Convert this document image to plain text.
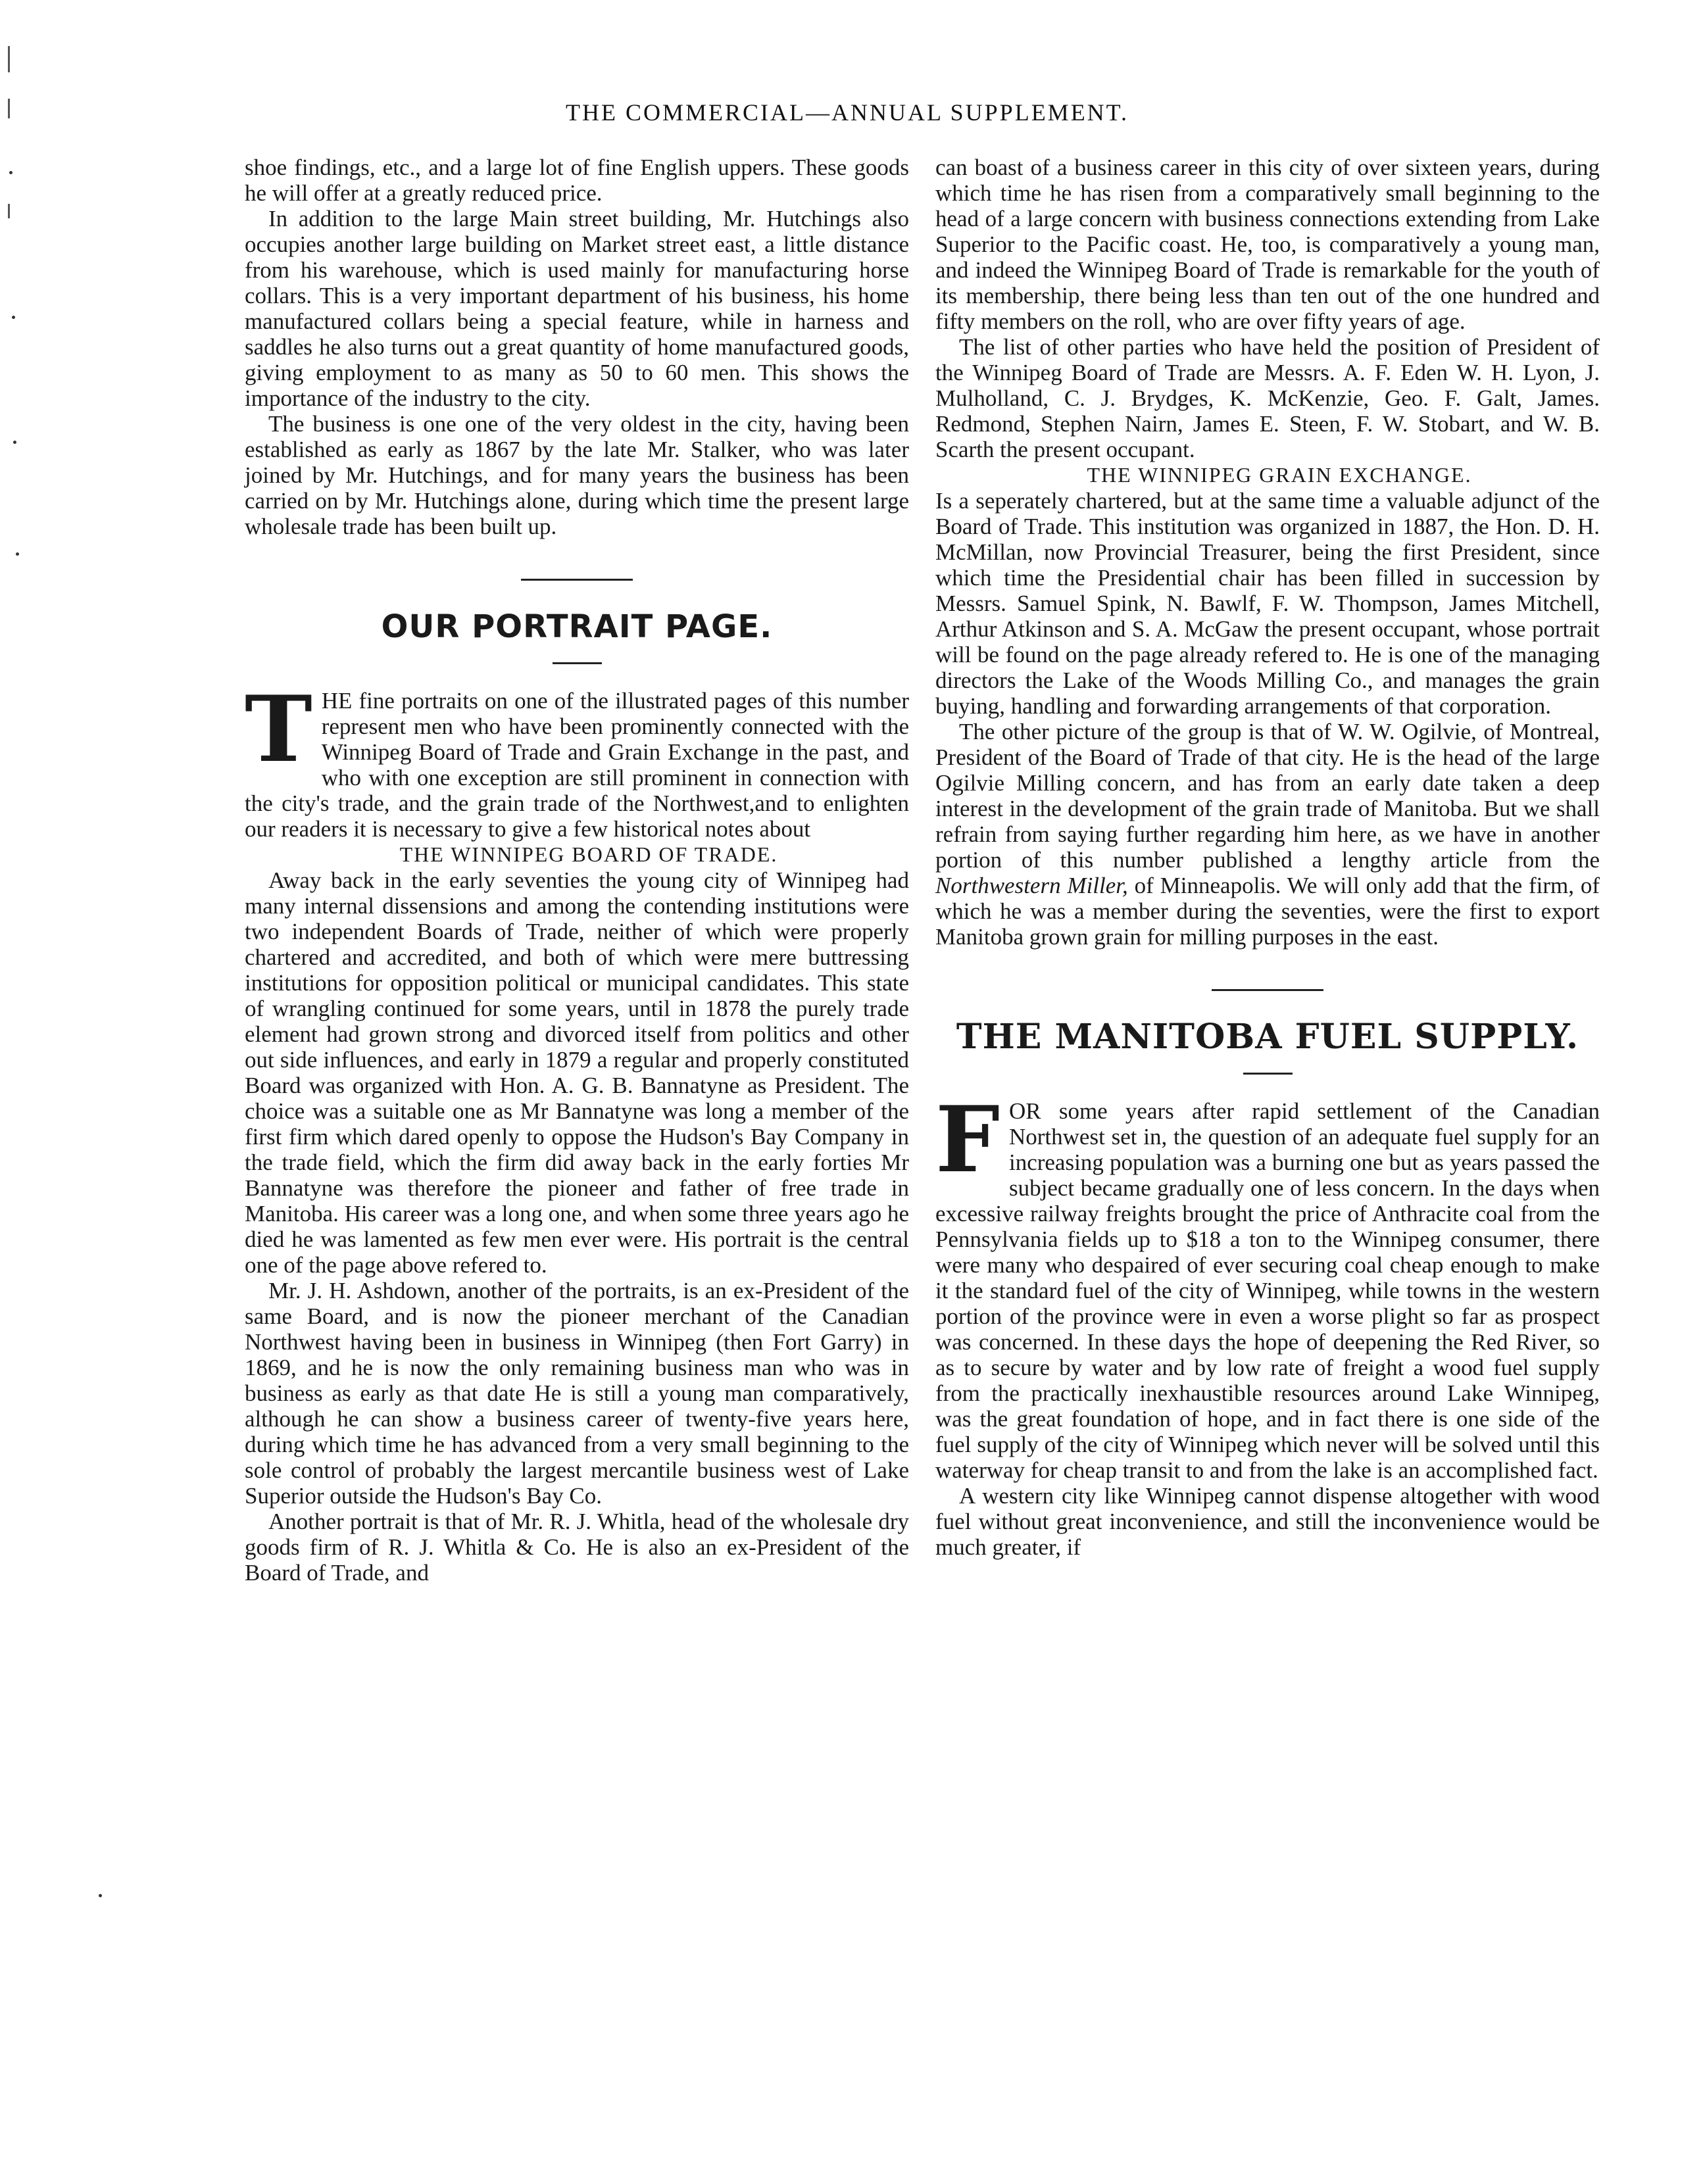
THE COMMERCIAL—ANNUAL SUPPLEMENT.

shoe findings, etc., and a large lot of fine English uppers. These goods he will offer at a greatly reduced price.

In addition to the large Main street building, Mr. Hutchings also occupies another large building on Market street east, a little distance from his warehouse, which is used mainly for manufacturing horse collars. This is a very important department of his business, his home manufactured collars being a special feature, while in harness and saddles he also turns out a great quantity of home manufactured goods, giving employment to as many as 50 to 60 men. This shows the importance of the industry to the city.

The business is one one of the very oldest in the city, having been established as early as 1867 by the late Mr. Stalker, who was later joined by Mr. Hutchings, and for many years the business has been carried on by Mr. Hutchings alone, during which time the present large wholesale trade has been built up.

OUR PORTRAIT PAGE.

THE fine portraits on one of the illustrated pages of this number represent men who have been prominently connected with the Winnipeg Board of Trade and Grain Exchange in the past, and who with one exception are still prominent in connection with the city's trade, and the grain trade of the Northwest,and to enlighten our readers it is necessary to give a few historical notes about

THE WINNIPEG BOARD OF TRADE.

Away back in the early seventies the young city of Winnipeg had many internal dissensions and among the contending institutions were two independent Boards of Trade, neither of which were properly chartered and accredited, and both of which were mere buttressing institutions for opposition political or municipal candidates. This state of wrangling continued for some years, until in 1878 the purely trade element had grown strong and divorced itself from politics and other out side influences, and early in 1879 a regular and properly constituted Board was organized with Hon. A. G. B. Bannatyne as President. The choice was a suitable one as Mr Bannatyne was long a member of the first firm which dared openly to oppose the Hudson's Bay Company in the trade field, which the firm did away back in the early forties Mr Bannatyne was therefore the pioneer and father of free trade in Manitoba. His career was a long one, and when some three years ago he died he was lamented as few men ever were. His portrait is the central one of the page above refered to.

Mr. J. H. Ashdown, another of the portraits, is an ex-President of the same Board, and is now the pioneer merchant of the Canadian Northwest having been in business in Winnipeg (then Fort Garry) in 1869, and he is now the only remaining business man who was in business as early as that date He is still a young man comparatively, although he can show a business career of twenty-five years here, during which time he has advanced from a very small beginning to the sole control of probably the largest mercantile business west of Lake Superior outside the Hudson's Bay Co.

Another portrait is that of Mr. R. J. Whitla, head of the wholesale dry goods firm of R. J. Whitla & Co. He is also an ex-President of the Board of Trade, and

can boast of a business career in this city of over sixteen years, during which time he has risen from a comparatively small beginning to the head of a large concern with business connections extending from Lake Superior to the Pacific coast. He, too, is comparatively a young man, and indeed the Winnipeg Board of Trade is remarkable for the youth of its membership, there being less than ten out of the one hundred and fifty members on the roll, who are over fifty years of age.

The list of other parties who have held the position of President of the Winnipeg Board of Trade are Messrs. A. F. Eden W. H. Lyon, J. Mulholland, C. J. Brydges, K. McKenzie, Geo. F. Galt, James. Redmond, Stephen Nairn, James E. Steen, F. W. Stobart, and W. B. Scarth the present occupant.

THE WINNIPEG GRAIN EXCHANGE.

Is a seperately chartered, but at the same time a valuable adjunct of the Board of Trade. This institution was organized in 1887, the Hon. D. H. McMillan, now Provincial Treasurer, being the first President, since which time the Presidential chair has been filled in succession by Messrs. Samuel Spink, N. Bawlf, F. W. Thompson, James Mitchell, Arthur Atkinson and S. A. McGaw the present occupant, whose portrait will be found on the page already refered to. He is one of the managing directors the Lake of the Woods Milling Co., and manages the grain buying, handling and forwarding arrangements of that corporation.

The other picture of the group is that of W. W. Ogilvie, of Montreal, President of the Board of Trade of that city. He is the head of the large Ogilvie Milling concern, and has from an early date taken a deep interest in the development of the grain trade of Manitoba. But we shall refrain from saying further regarding him here, as we have in another portion of this number published a lengthy article from the Northwestern Miller, of Minneapolis. We will only add that the firm, of which he was a member during the seventies, were the first to export Manitoba grown grain for milling purposes in the east.

THE MANITOBA FUEL SUPPLY.

FOR some years after rapid settlement of the Canadian Northwest set in, the question of an adequate fuel supply for an increasing population was a burning one but as years passed the subject became gradually one of less concern. In the days when excessive railway freights brought the price of Anthracite coal from the Pennsylvania fields up to $18 a ton to the Winnipeg consumer, there were many who despaired of ever securing coal cheap enough to make it the standard fuel of the city of Winnipeg, while towns in the western portion of the province were in even a worse plight so far as prospect was concerned. In these days the hope of deepening the Red River, so as to secure by water and by low rate of freight a wood fuel supply from the practically inexhaustible resources around Lake Winnipeg, was the great foundation of hope, and in fact there is one side of the fuel supply of the city of Winnipeg which never will be solved until this waterway for cheap transit to and from the lake is an accomplished fact.

A western city like Winnipeg cannot dispense altogether with wood fuel without great inconvenience, and still the inconvenience would be much greater, if
